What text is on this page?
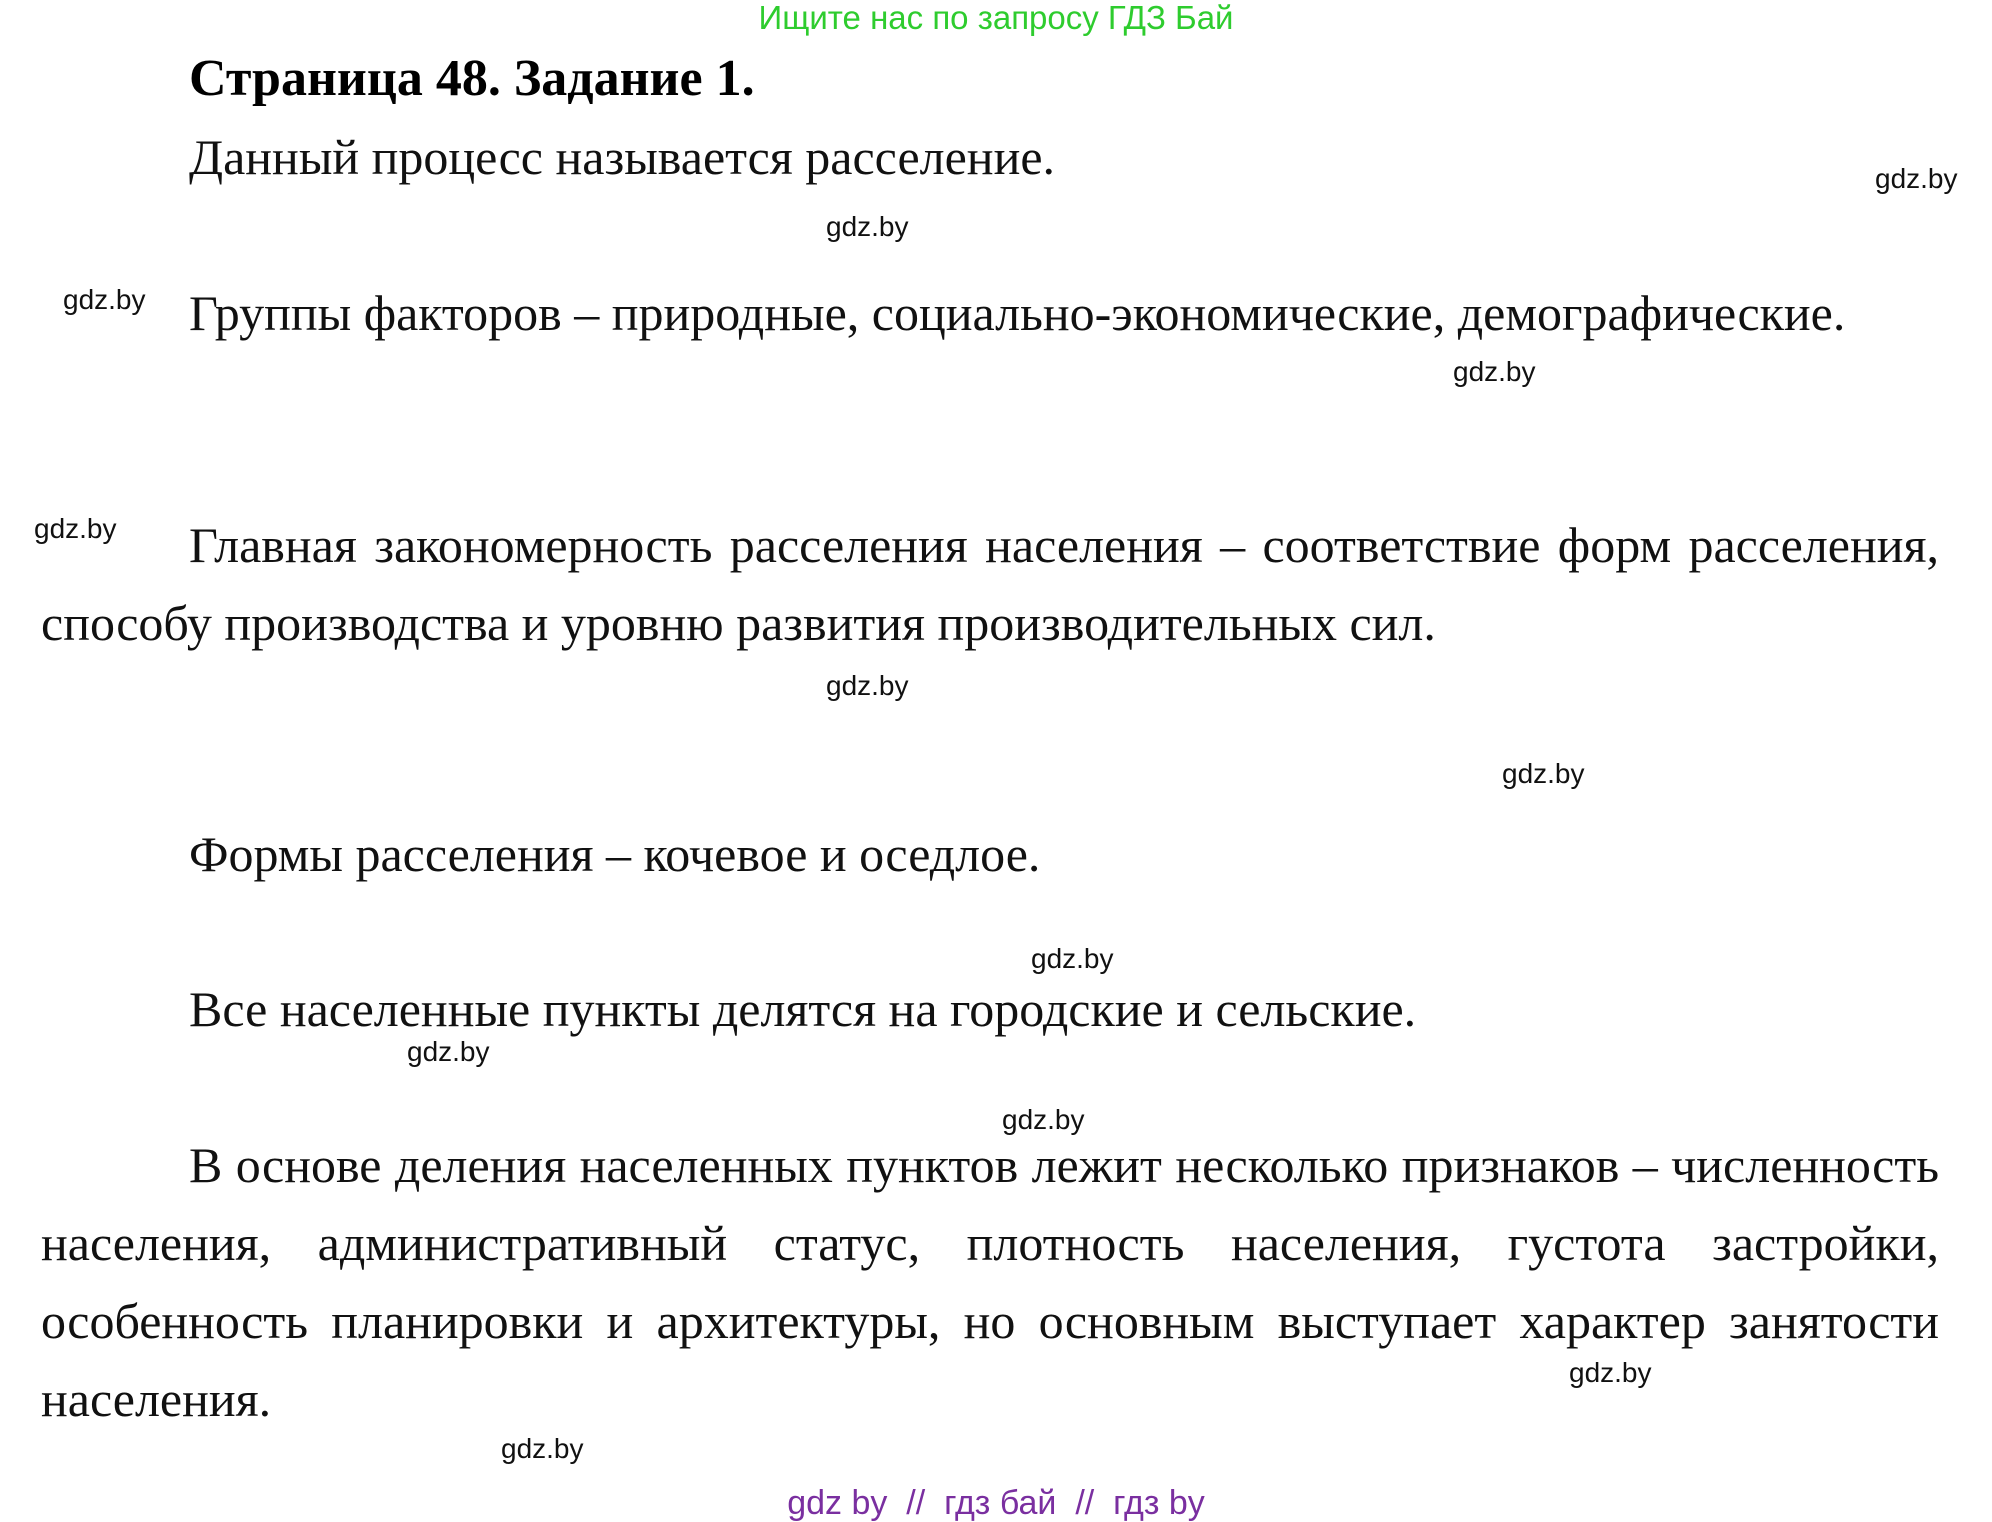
Ищите нас по запросу ГДЗ Бай
Страница 48. Задание 1.

Данный процесс называется расселение.

Группы факторов – природные, социально-экономические, демографические.

Главная закономерность расселения населения – соответствие форм расселения, способу производства и уровню развития производительных сил.

Формы расселения – кочевое и оседлое.

Все населенные пункты делятся на городские и сельские.

В основе деления населенных пунктов лежит несколько признаков – численность населения, административный статус, плотность населения, густота застройки, особенность планировки и архитектуры, но основным выступает характер занятости населения.

gdz.by
gdz.by
gdz.by
gdz.by
gdz.by
gdz.by
gdz.by
gdz.by
gdz.by
gdz.by
gdz.by
gdz.by
gdz by  //  гдз бай  //  гдз by
